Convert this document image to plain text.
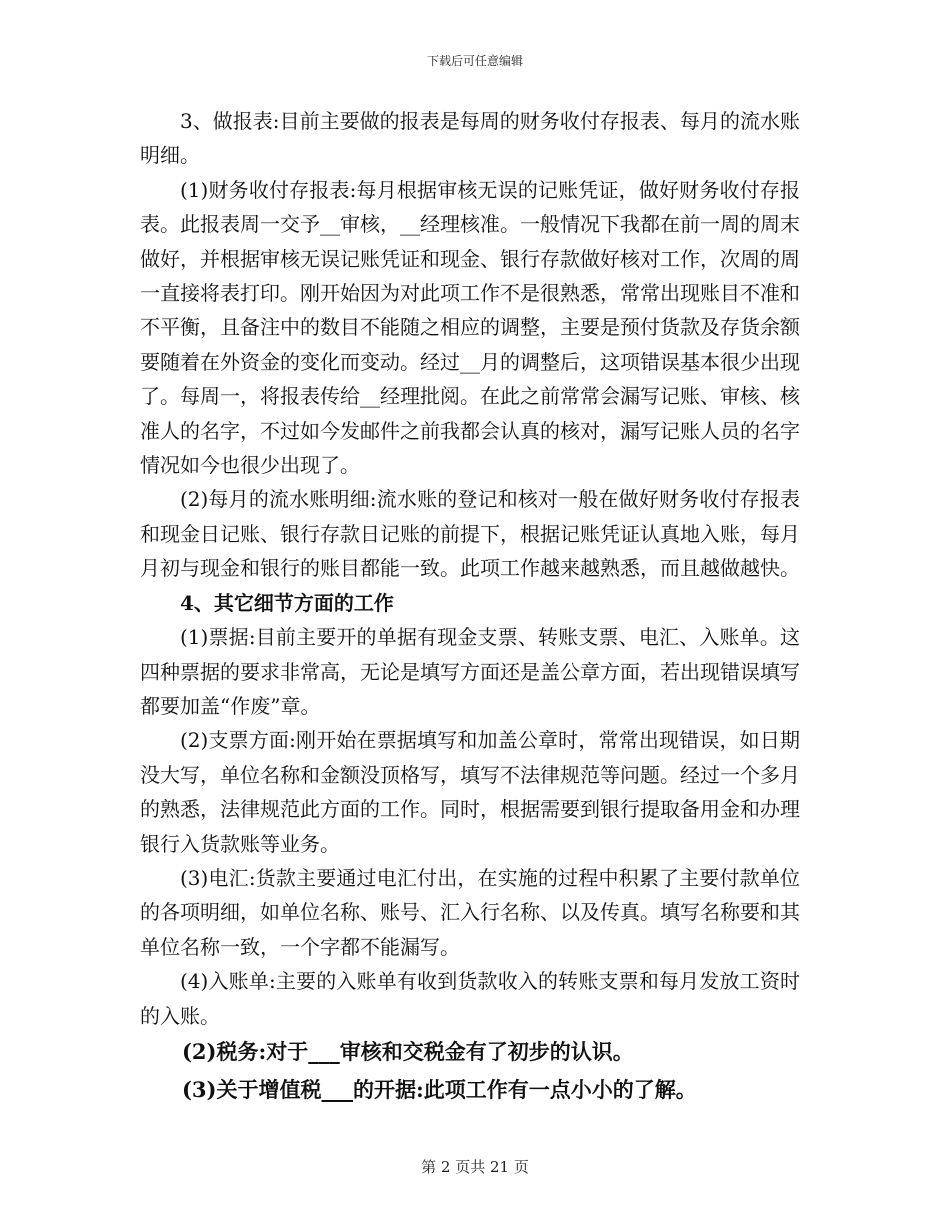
下载后可任意编辑

3、做报表:目前主要做的报表是每周的财务收付存报表、每月的流水账明细。

(1)财务收付存报表:每月根据审核无误的记账凭证，做好财务收付存报表。此报表周一交予__审核，__经理核准。一般情况下我都在前一周的周末做好，并根据审核无误记账凭证和现金、银行存款做好核对工作，次周的周一直接将表打印。刚开始因为对此项工作不是很熟悉，常常出现账目不准和不平衡，且备注中的数目不能随之相应的调整，主要是预付货款及存货余额要随着在外资金的变化而变动。经过__月的调整后，这项错误基本很少出现了。每周一，将报表传给__经理批阅。在此之前常常会漏写记账、审核、核准人的名字，不过如今发邮件之前我都会认真的核对，漏写记账人员的名字情况如今也很少出现了。

(2)每月的流水账明细:流水账的登记和核对一般在做好财务收付存报表和现金日记账、银行存款日记账的前提下，根据记账凭证认真地入账，每月月初与现金和银行的账目都能一致。此项工作越来越熟悉，而且越做越快。

4、其它细节方面的工作

(1)票据:目前主要开的单据有现金支票、转账支票、电汇、入账单。这四种票据的要求非常高，无论是填写方面还是盖公章方面，若出现错误填写都要加盖“作废”章。

(2)支票方面:刚开始在票据填写和加盖公章时，常常出现错误，如日期没大写，单位名称和金额没顶格写，填写不法律规范等问题。经过一个多月的熟悉，法律规范此方面的工作。同时，根据需要到银行提取备用金和办理银行入货款账等业务。

(3)电汇:货款主要通过电汇付出，在实施的过程中积累了主要付款单位的各项明细，如单位名称、账号、汇入行名称、以及传真。填写名称要和其单位名称一致，一个字都不能漏写。

(4)入账单:主要的入账单有收到货款收入的转账支票和每月发放工资时的入账。

(2)税务:对于___审核和交税金有了初步的认识。

(3)关于增值税___的开据:此项工作有一点小小的了解。

第 2 页共 21 页
